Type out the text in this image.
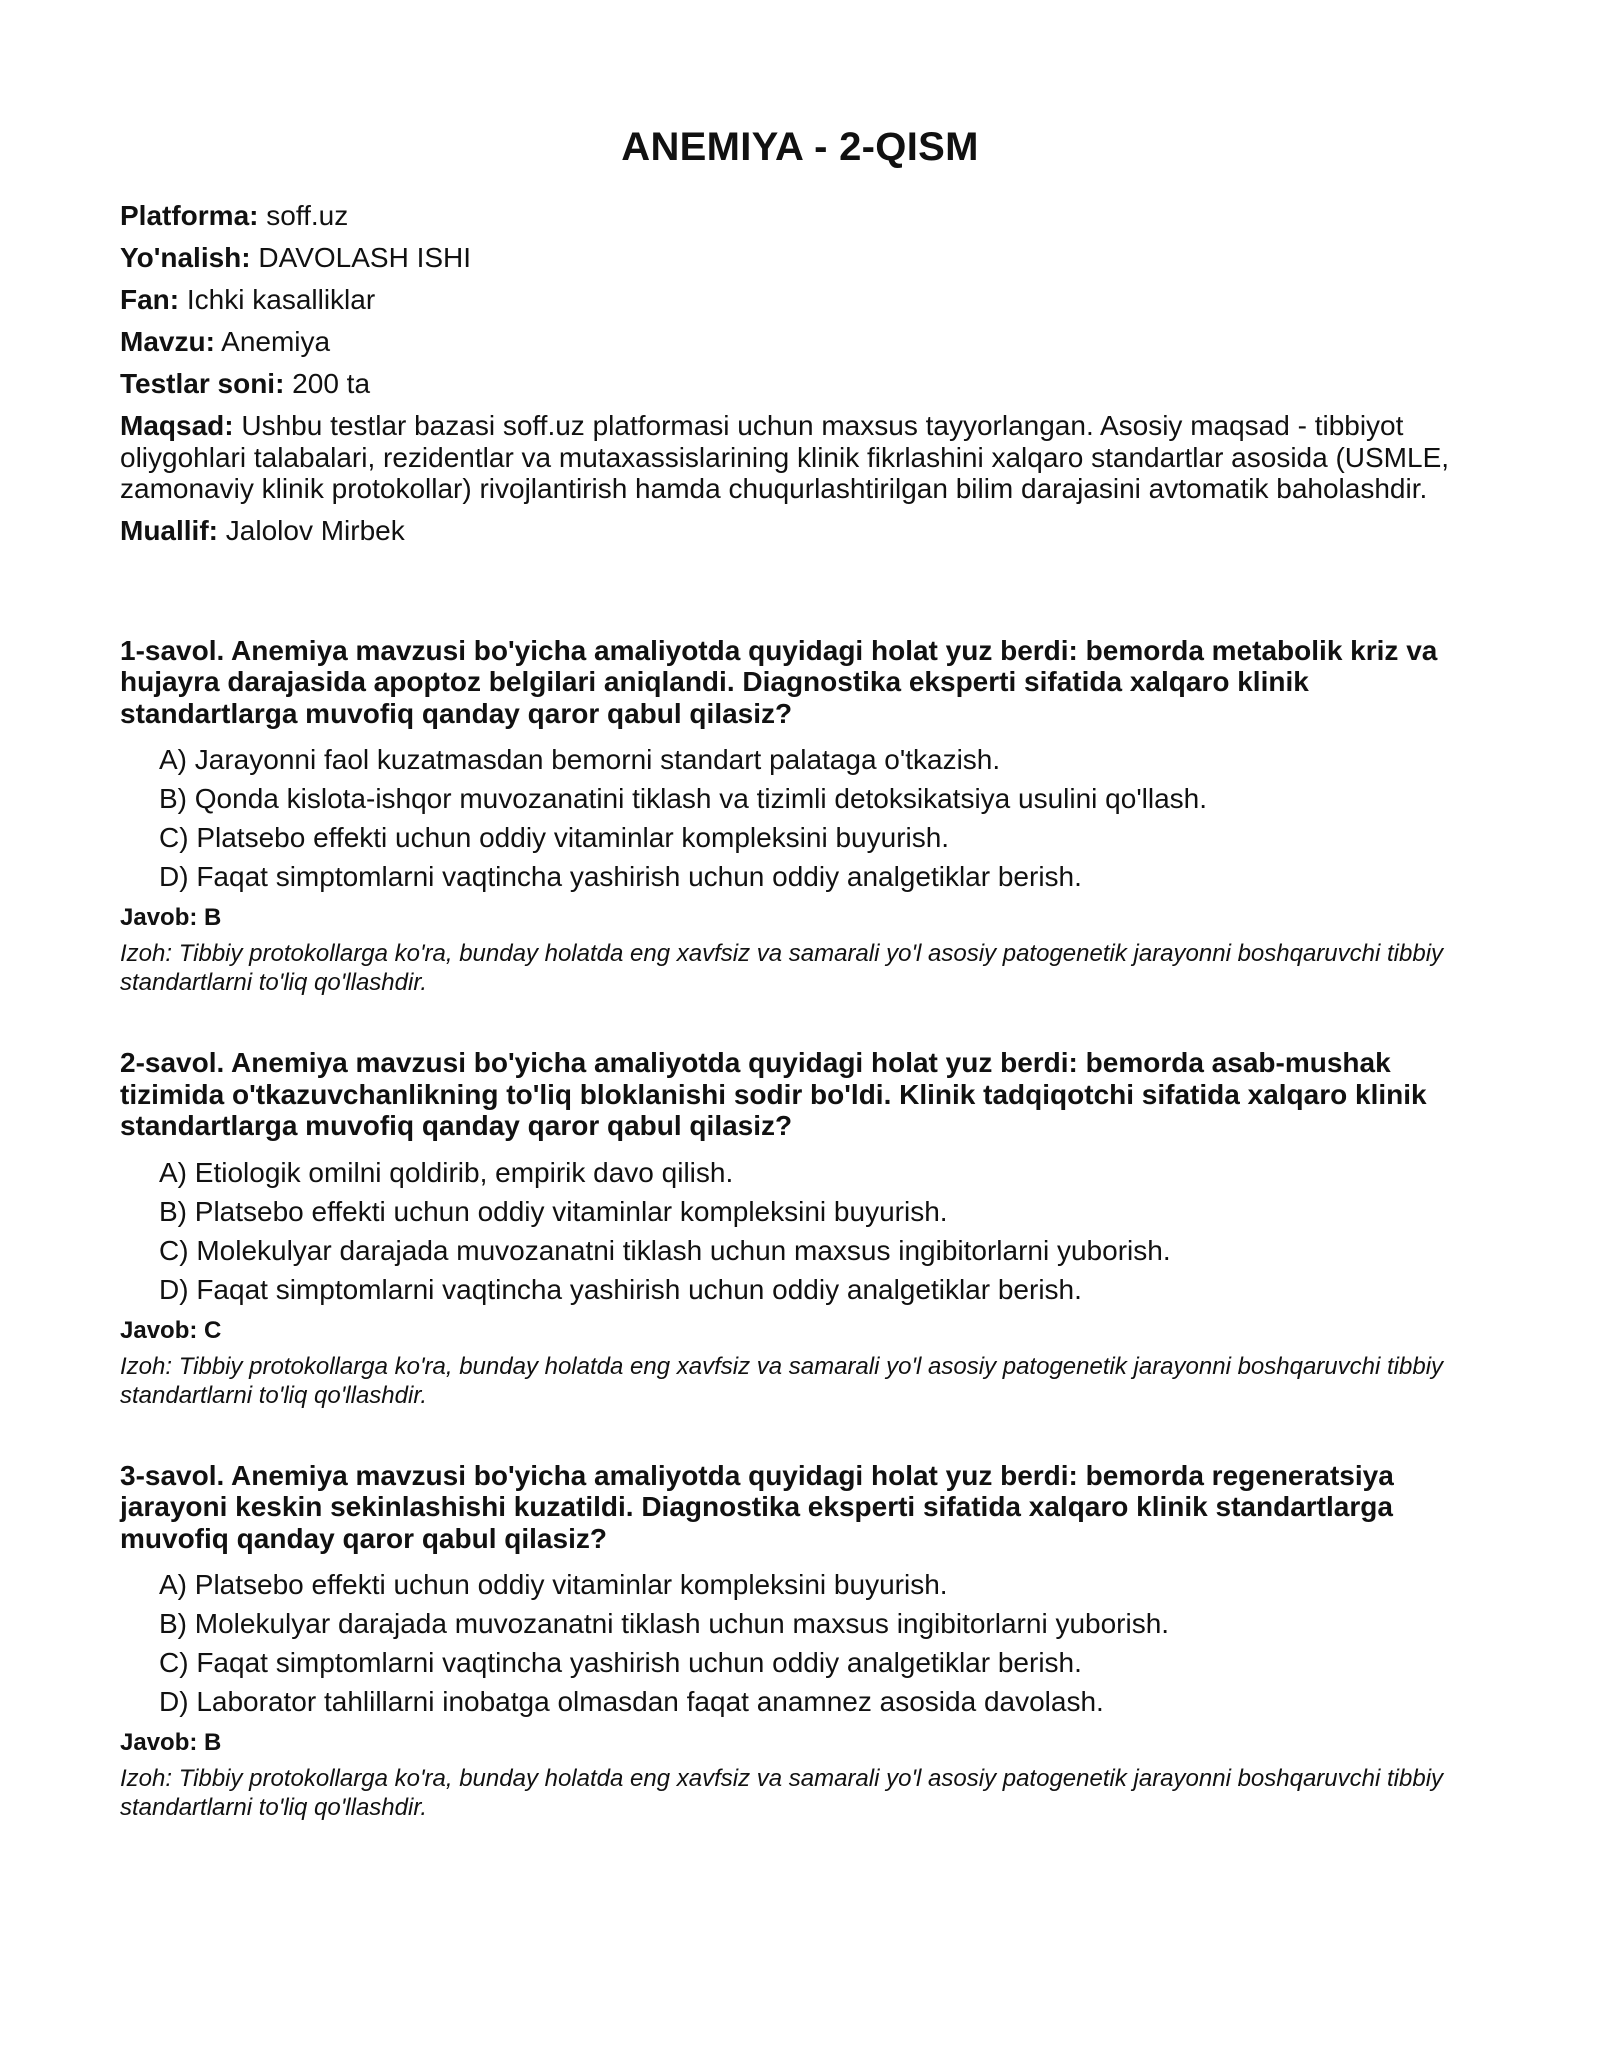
ANEMIYA - 2-QISM

Platforma: soff.uz

Yo'nalish: DAVOLASH ISHI

Fan: Ichki kasalliklar

Mavzu: Anemiya

Testlar soni: 200 ta

Maqsad: Ushbu testlar bazasi soff.uz platformasi uchun maxsus tayyorlangan. Asosiy maqsad - tibbiyot oliygohlari talabalari, rezidentlar va mutaxassislarining klinik fikrlashini xalqaro standartlar asosida (USMLE, zamonaviy klinik protokollar) rivojlantirish hamda chuqurlashtirilgan bilim darajasini avtomatik baholashdir.

Muallif: Jalolov Mirbek

1-savol. Anemiya mavzusi bo'yicha amaliyotda quyidagi holat yuz berdi: bemorda metabolik kriz va hujayra darajasida apoptoz belgilari aniqlandi. Diagnostika eksperti sifatida xalqaro klinik standartlarga muvofiq qanday qaror qabul qilasiz?

A) Jarayonni faol kuzatmasdan bemorni standart palataga o'tkazish.
B) Qonda kislota-ishqor muvozanatini tiklash va tizimli detoksikatsiya usulini qo'llash.
C) Platsebo effekti uchun oddiy vitaminlar kompleksini buyurish.
D) Faqat simptomlarni vaqtincha yashirish uchun oddiy analgetiklar berish.

Javob: B

Izoh: Tibbiy protokollarga ko'ra, bunday holatda eng xavfsiz va samarali yo'l asosiy patogenetik jarayonni boshqaruvchi tibbiy standartlarni to'liq qo'llashdir.

2-savol. Anemiya mavzusi bo'yicha amaliyotda quyidagi holat yuz berdi: bemorda asab-mushak tizimida o'tkazuvchanlikning to'liq bloklanishi sodir bo'ldi. Klinik tadqiqotchi sifatida xalqaro klinik standartlarga muvofiq qanday qaror qabul qilasiz?

A) Etiologik omilni qoldirib, empirik davo qilish.
B) Platsebo effekti uchun oddiy vitaminlar kompleksini buyurish.
C) Molekulyar darajada muvozanatni tiklash uchun maxsus ingibitorlarni yuborish.
D) Faqat simptomlarni vaqtincha yashirish uchun oddiy analgetiklar berish.

Javob: C

Izoh: Tibbiy protokollarga ko'ra, bunday holatda eng xavfsiz va samarali yo'l asosiy patogenetik jarayonni boshqaruvchi tibbiy standartlarni to'liq qo'llashdir.

3-savol. Anemiya mavzusi bo'yicha amaliyotda quyidagi holat yuz berdi: bemorda regeneratsiya jarayoni keskin sekinlashishi kuzatildi. Diagnostika eksperti sifatida xalqaro klinik standartlarga muvofiq qanday qaror qabul qilasiz?

A) Platsebo effekti uchun oddiy vitaminlar kompleksini buyurish.
B) Molekulyar darajada muvozanatni tiklash uchun maxsus ingibitorlarni yuborish.
C) Faqat simptomlarni vaqtincha yashirish uchun oddiy analgetiklar berish.
D) Laborator tahlillarni inobatga olmasdan faqat anamnez asosida davolash.

Javob: B

Izoh: Tibbiy protokollarga ko'ra, bunday holatda eng xavfsiz va samarali yo'l asosiy patogenetik jarayonni boshqaruvchi tibbiy standartlarni to'liq qo'llashdir.
